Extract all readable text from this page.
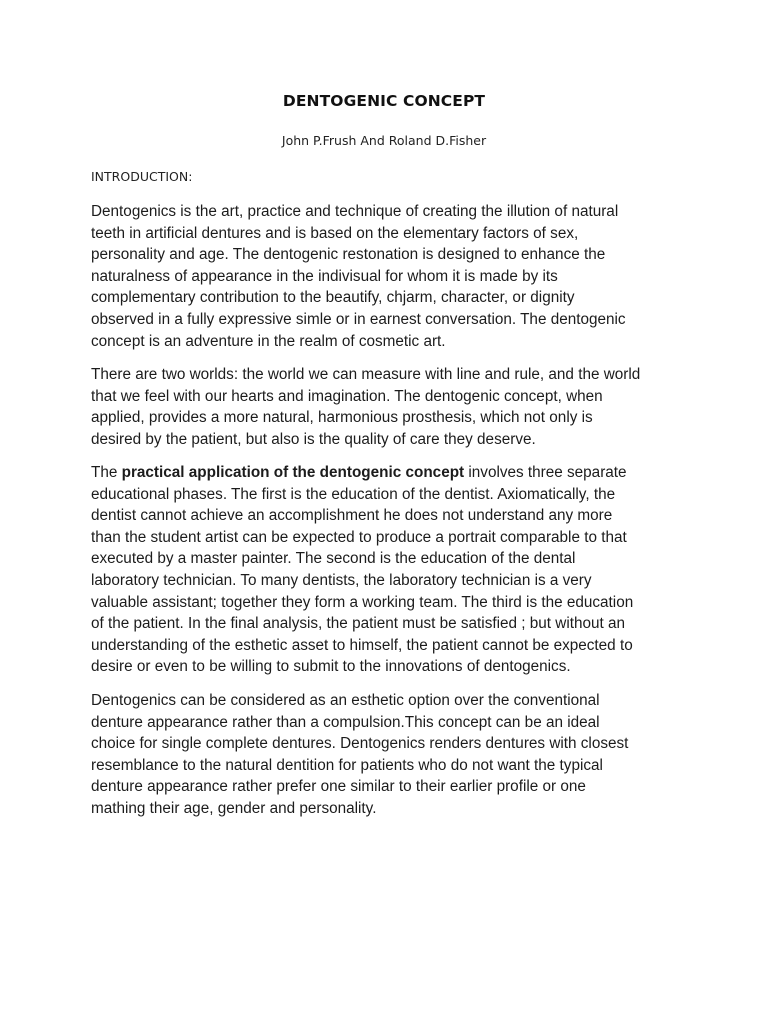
DENTOGENIC CONCEPT

John P.Frush And Roland D.Fisher

INTRODUCTION:

Dentogenics is the art, practice and technique of creating the illution of natural
teeth in artificial dentures and is based on the elementary factors of sex,
personality and age. The dentogenic restonation is designed to enhance the
naturalness of appearance in the indivisual for whom it is made by its
complementary contribution to the beautify, chjarm, character, or dignity
observed in a fully expressive simle or in earnest conversation. The dentogenic
concept is an adventure in the realm of cosmetic art.

There are two worlds: the world we can measure with line and rule, and the world
that we feel with our hearts and imagination. The dentogenic concept, when
applied, provides a more natural, harmonious prosthesis, which not only is
desired by the patient, but also is the quality of care they deserve.

The practical application of the dentogenic concept involves three separate
educational phases. The first is the education of the dentist. Axiomatically, the
dentist cannot achieve an accomplishment he does not understand any more
than the student artist can be expected to produce a portrait comparable to that
executed by a master painter. The second is the education of the dental
laboratory technician. To many dentists, the laboratory technician is a very
valuable assistant; together they form a working team. The third is the education
of the patient. In the final analysis, the patient must be satisfied ; but without an
understanding of the esthetic asset to himself, the patient cannot be expected to
desire or even to be willing to submit to the innovations of dentogenics.

Dentogenics can be considered as an esthetic option over the conventional
denture appearance rather than a compulsion.This concept can be an ideal
choice for single complete dentures. Dentogenics renders dentures with closest
resemblance to the natural dentition for patients who do not want the typical
denture appearance rather prefer one similar to their earlier profile or one
mathing their age, gender and personality.
